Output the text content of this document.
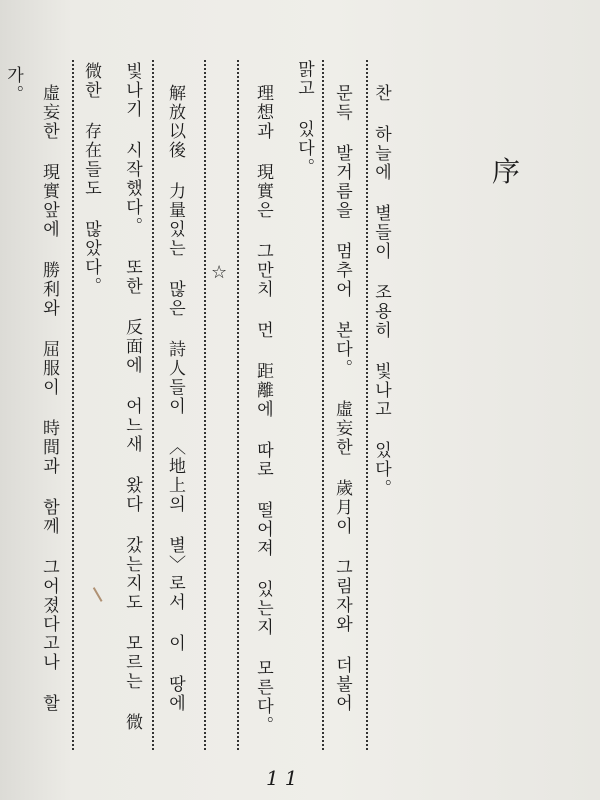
序
찬 하늘에 별들이 조용히 빛나고 있다。
문득 발거름을 멈추어 본다。 虛妄한 歲月이 그림자와 더불어
맑고 있다。
理想과 現實은 그만치 먼 距離에 따로 떨어져 있는지 모른다。
☆
解放以後 力量있는 많은 詩人들이 〈地上의 별〉로서 이 땅에
빛나기 시작했다。 또한 反面에 어느새 왔다 갔는지도 모르는 微
微한 存在들도 많았다。
虛妄한 現實앞에 勝利와 屈服이 時間과 함께 그어졌다고나 할
가。
11
